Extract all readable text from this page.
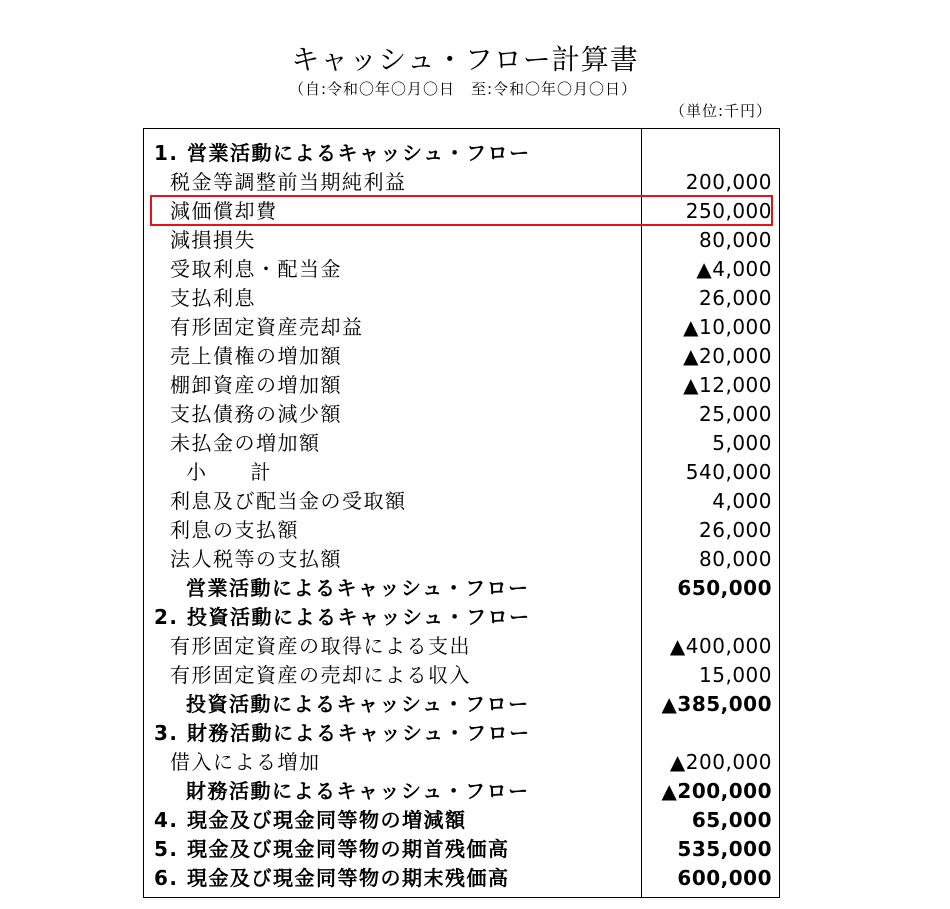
キャッシュ・フロー計算書
（自:令和〇年〇月〇日　至:令和〇年〇月〇日）
（単位:千円）
1. 営業活動によるキャッシュ・フロー
税金等調整前当期純利益	200,000
減価償却費	250,000
減損損失	80,000
受取利息・配当金	▲4,000
支払利息	26,000
有形固定資産売却益	▲10,000
売上債権の増加額	▲20,000
棚卸資産の増加額	▲12,000
支払債務の減少額	25,000
未払金の増加額	5,000
小　　計	540,000
利息及び配当金の受取額	4,000
利息の支払額	26,000
法人税等の支払額	80,000
営業活動によるキャッシュ・フロー	650,000
2. 投資活動によるキャッシュ・フロー
有形固定資産の取得による支出	▲400,000
有形固定資産の売却による収入	15,000
投資活動によるキャッシュ・フロー	▲385,000
3. 財務活動によるキャッシュ・フロー
借入による増加	▲200,000
財務活動によるキャッシュ・フロー	▲200,000
4. 現金及び現金同等物の増減額	65,000
5. 現金及び現金同等物の期首残価高	535,000
6. 現金及び現金同等物の期末残価高	600,000
